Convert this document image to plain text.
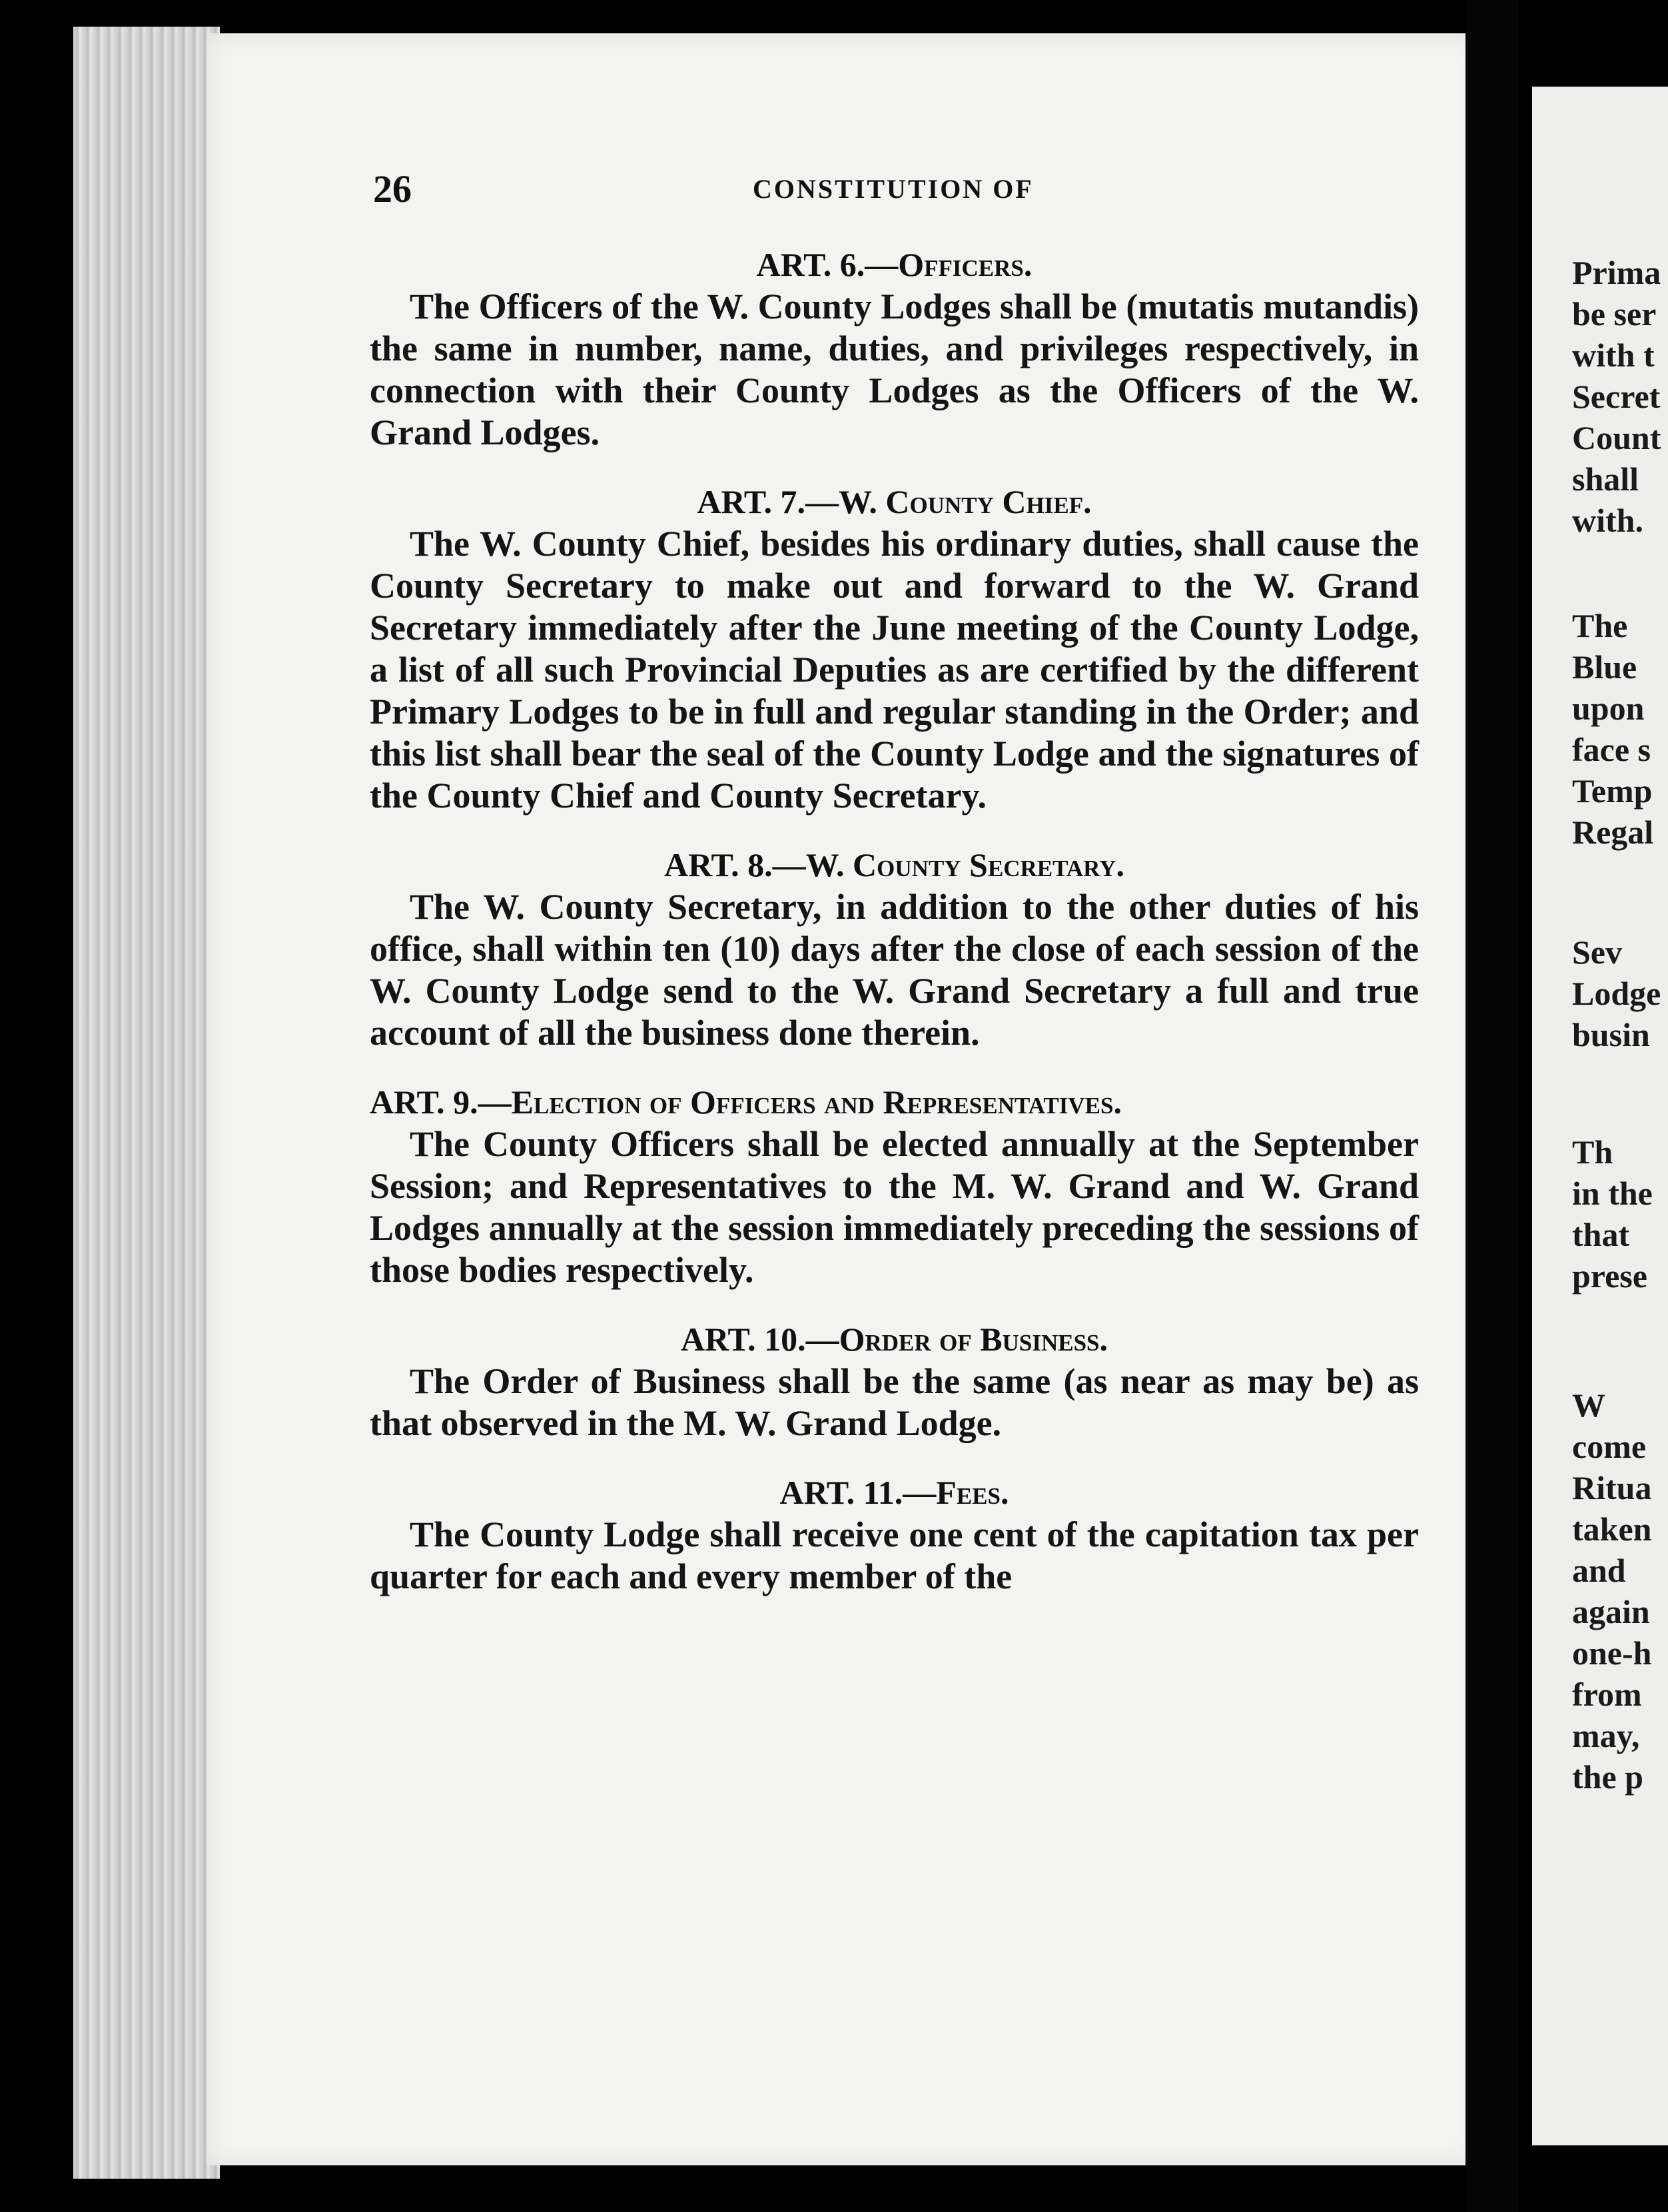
Prima
be ser
with t
Secret
Count
shall
with.
The
Blue
upon
face s
Temp
Regal
Sev
Lodge
busin
Th
in the
that
prese
W
come
Ritua
taken
and
again
one-h
from
may,
the p
26	CONSTITUTION OF
ART. 6.—Officers.

The Officers of the W. County Lodges shall be (mutatis mutandis) the same in number, name, duties, and privileges respectively, in connection with their County Lodges as the Officers of the W. Grand Lodges.

ART. 7.—W. County Chief.

The W. County Chief, besides his ordinary duties, shall cause the County Secretary to make out and forward to the W. Grand Secretary immediately after the June meeting of the County Lodge, a list of all such Provincial Deputies as are certified by the different Primary Lodges to be in full and regular standing in the Order; and this list shall bear the seal of the County Lodge and the signatures of the County Chief and County Secretary.

ART. 8.—W. County Secretary.

The W. County Secretary, in addition to the other duties of his office, shall within ten (10) days after the close of each session of the W. County Lodge send to the W. Grand Secretary a full and true account of all the business done therein.

ART. 9.—Election of Officers and Representatives.

The County Officers shall be elected annually at the September Session; and Representatives to the M. W. Grand and W. Grand Lodges annually at the session immediately preceding the sessions of those bodies respectively.

ART. 10.—Order of Business.

The Order of Business shall be the same (as near as may be) as that observed in the M. W. Grand Lodge.

ART. 11.—Fees.

The County Lodge shall receive one cent of the capitation tax per quarter for each and every member of the
